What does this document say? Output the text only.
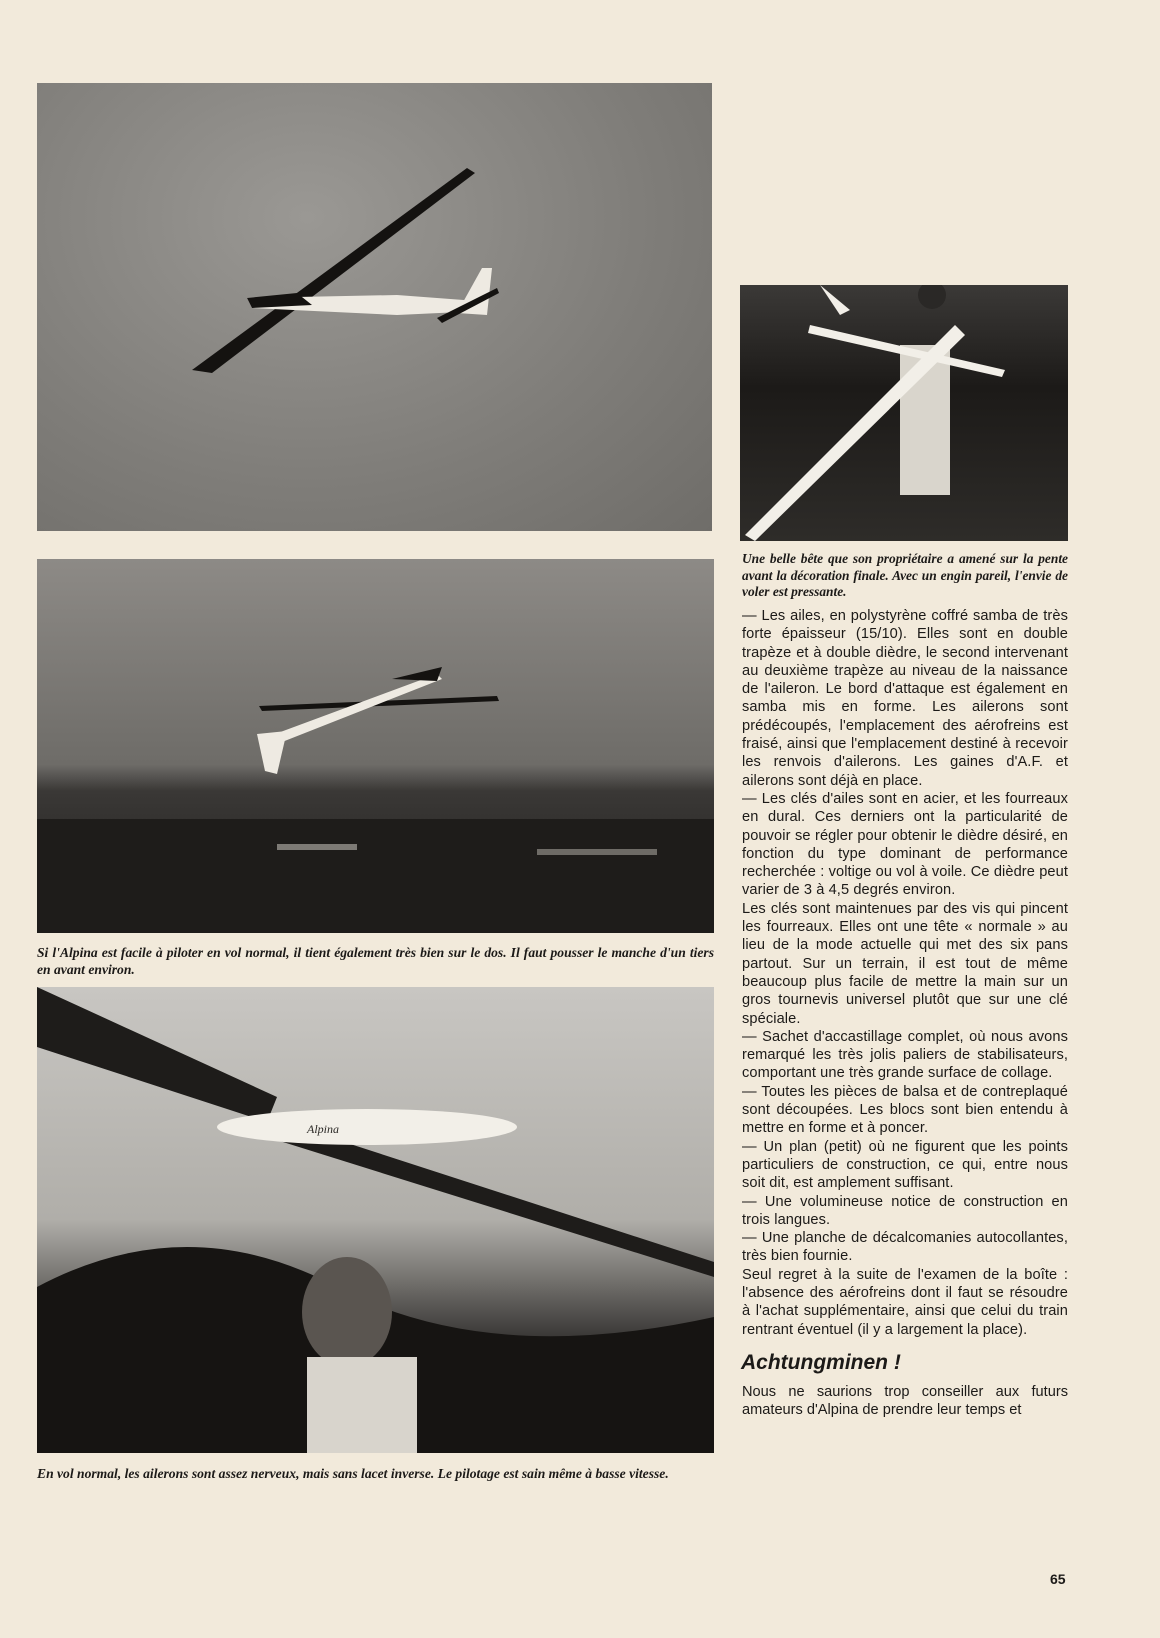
Si l'Alpina est facile à piloter en vol normal, il tient également très bien sur le dos. Il faut pousser le manche d'un tiers en avant environ.
Alpina
En vol normal, les ailerons sont assez nerveux, mais sans lacet inverse. Le pilotage est sain même à basse vitesse.
Une belle bête que son propriétaire a amené sur la pente avant la décoration finale. Avec un engin pareil, l'envie de voler est pressante.

— Les ailes, en polystyrène coffré samba de très forte épaisseur (15/10). Elles sont en double trapèze et à double dièdre, le second intervenant au deuxième trapèze au niveau de la naissance de l'aileron. Le bord d'attaque est également en samba mis en forme. Les ailerons sont prédécoupés, l'emplacement des aérofreins est fraisé, ainsi que l'emplacement destiné à recevoir les renvois d'ailerons. Les gaines d'A.F. et ailerons sont déjà en place.

— Les clés d'ailes sont en acier, et les fourreaux en dural. Ces derniers ont la particularité de pouvoir se régler pour obtenir le dièdre désiré, en fonction du type dominant de performance recherchée : voltige ou vol à voile. Ce dièdre peut varier de 3 à 4,5 degrés environ.

Les clés sont maintenues par des vis qui pincent les fourreaux. Elles ont une tête « normale » au lieu de la mode actuelle qui met des six pans partout. Sur un terrain, il est tout de même beaucoup plus facile de mettre la main sur un gros tournevis universel plutôt que sur une clé spéciale.

— Sachet d'accastillage complet, où nous avons remarqué les très jolis paliers de stabilisateurs, comportant une très grande surface de collage.

— Toutes les pièces de balsa et de contreplaqué sont découpées. Les blocs sont bien entendu à mettre en forme et à poncer.

— Un plan (petit) où ne figurent que les points particuliers de construction, ce qui, entre nous soit dit, est amplement suffisant.

— Une volumineuse notice de construction en trois langues.

— Une planche de décalcomanies autocollantes, très bien fournie.

Seul regret à la suite de l'examen de la boîte : l'absence des aérofreins dont il faut se résoudre à l'achat supplémentaire, ainsi que celui du train rentrant éventuel (il y a largement la place).

Achtungminen !
Nous ne saurions trop conseiller aux futurs amateurs d'Alpina de prendre leur temps et
65
